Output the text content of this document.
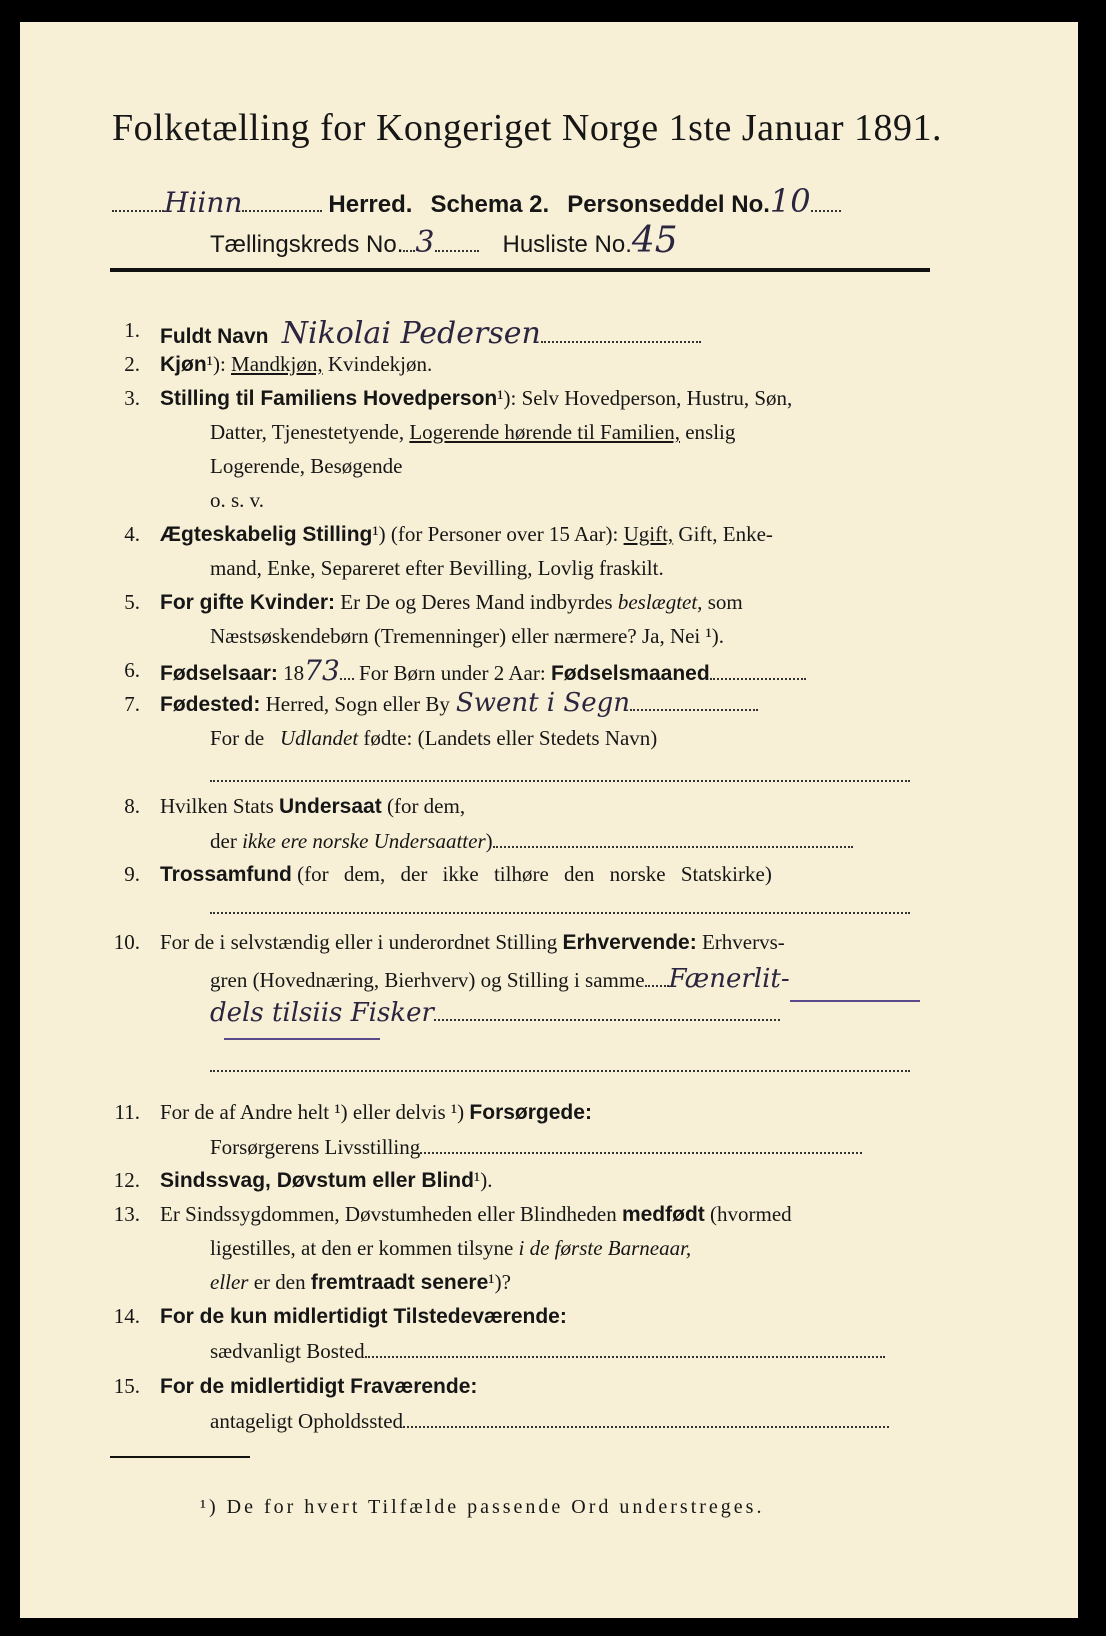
Folketælling for Kongeriget Norge 1ste Januar 1891.
Hiinn	Herred. Schema 2. Personseddel No.10
Tællingskreds No. 3	Husliste No.45
1. Fuldt Navn Nikolai Pedersen
2. Kjøn¹): Mandkjøn, Kvindekjøn.
3. Stilling til Familiens Hovedperson¹): Selv Hovedperson, Hustru, Søn,
Datter, Tjenestetyende, Logerende hørende til Familien, enslig
Logerende, Besøgende
o. s. v.
4. Ægteskabelig Stilling¹) (for Personer over 15 Aar): Ugift, Gift, Enke-
mand, Enke, Separeret efter Bevilling, Lovlig fraskilt.
5. For gifte Kvinder: Er De og Deres Mand indbyrdes beslægtet, som
Næstsøskendebørn (Tremenninger) eller nærmere? Ja, Nei ¹).
6. Fødselsaar: 1873 For Børn under 2 Aar: Fødselsmaaned
7. Fødested: Herred, Sogn eller By Swent i Segn
For de Udlandet fødte: (Landets eller Stedets Navn)
8. Hvilken Stats Undersaat (for dem,
der ikke ere norske Undersaatter)
9. Trossamfund (for dem, der ikke tilhøre den norske Statskirke)
10. For de i selvstændig eller i underordnet Stilling Erhvervende: Erhvervs-
gren (Hovednæring, Bierhverv) og Stilling i samme Fænerlit-
dels tilsiis Fisker
11. For de af Andre helt ¹) eller delvis ¹) Forsørgede:
Forsørgerens Livsstilling
12. Sindssvag, Døvstum eller Blind¹).
13. Er Sindssygdommen, Døvstumheden eller Blindheden medfødt (hvormed
ligestilles, at den er kommen tilsyne i de første Barneaar,
eller er den fremtraadt senere¹)?
14. For de kun midlertidigt Tilstedeværende:
sædvanligt Bosted
15. For de midlertidigt Fraværende:
antageligt Opholdssted
¹) De for hvert Tilfælde passende Ord understreges.
